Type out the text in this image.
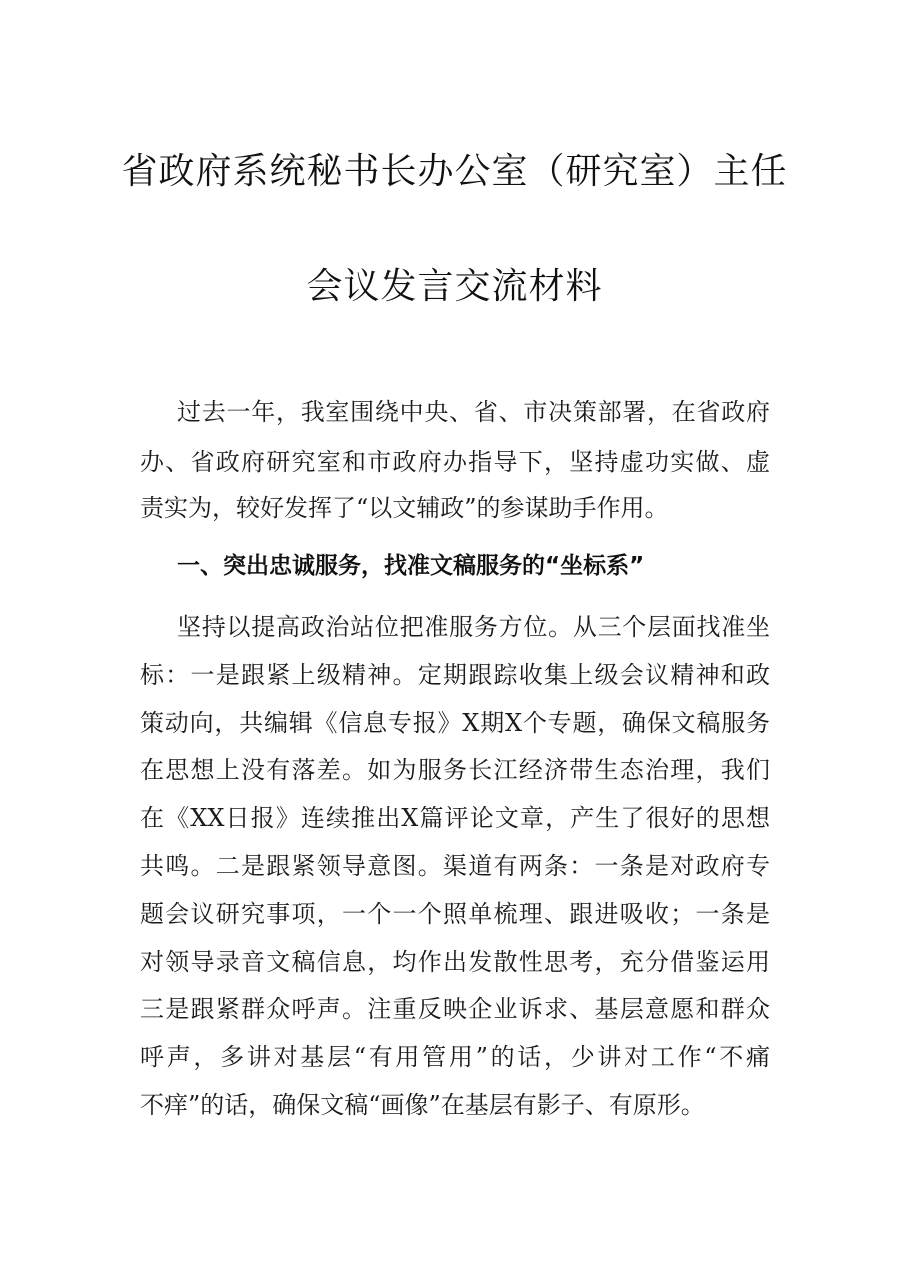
省政府系统秘书长办公室（研究室）主任
会议发言交流材料
过去一年，我室围绕中央、省、市决策部署，在省政府
办、省政府研究室和市政府办指导下，坚持虚功实做、虚
责实为，较好发挥了“以文辅政”的参谋助手作用。
一、突出忠诚服务，找准文稿服务的“坐标系”
坚持以提高政治站位把准服务方位。从三个层面找准坐
标：一是跟紧上级精神。定期跟踪收集上级会议精神和政
策动向，共编辑《信息专报》X期X个专题，确保文稿服务
在思想上没有落差。如为服务长江经济带生态治理，我们
在《XX日报》连续推出X篇评论文章，产生了很好的思想
共鸣。二是跟紧领导意图。渠道有两条：一条是对政府专
题会议研究事项，一个一个照单梳理、跟进吸收；一条是
对领导录音文稿信息，均作出发散性思考，充分借鉴运用
三是跟紧群众呼声。注重反映企业诉求、基层意愿和群众
呼声，多讲对基层“有用管用”的话，少讲对工作“不痛
不痒”的话，确保文稿“画像”在基层有影子、有原形。
